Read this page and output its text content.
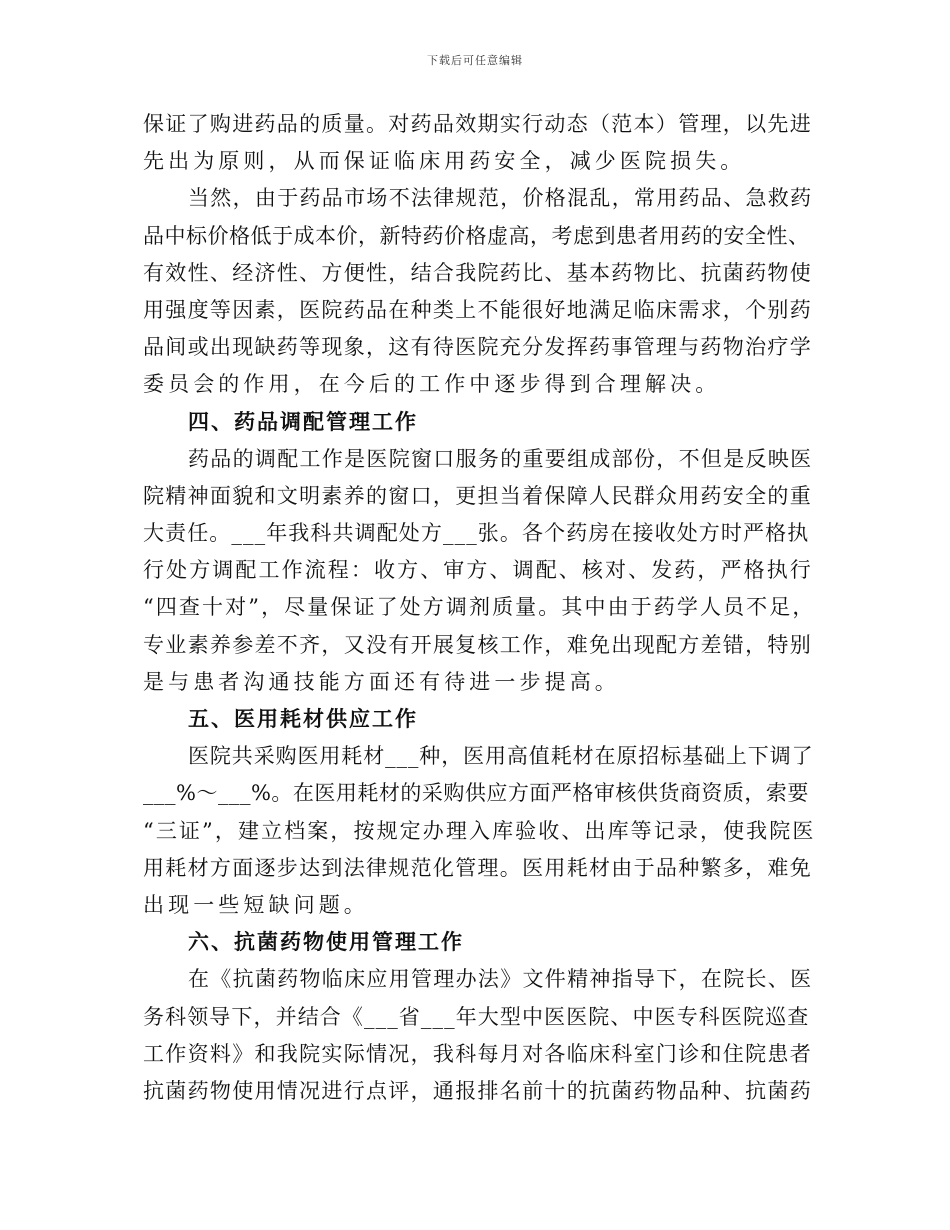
下载后可任意编辑
保证了购进药品的质量。对药品效期实行动态（范本）管理，以先进
先出为原则，从而保证临床用药安全，减少医院损失。
当然，由于药品市场不法律规范，价格混乱，常用药品、急救药
品中标价格低于成本价，新特药价格虚高，考虑到患者用药的安全性、
有效性、经济性、方便性，结合我院药比、基本药物比、抗菌药物使
用强度等因素，医院药品在种类上不能很好地满足临床需求，个别药
品间或出现缺药等现象，这有待医院充分发挥药事管理与药物治疗学
委员会的作用，在今后的工作中逐步得到合理解决。
四、药品调配管理工作
药品的调配工作是医院窗口服务的重要组成部份，不但是反映医
院精神面貌和文明素养的窗口，更担当着保障人民群众用药安全的重
大责任。___年我科共调配处方___张。各个药房在接收处方时严格执
行处方调配工作流程：收方、审方、调配、核对、发药，严格执行
“四查十对”，尽量保证了处方调剂质量。其中由于药学人员不足，
专业素养参差不齐，又没有开展复核工作，难免出现配方差错，特别
是与患者沟通技能方面还有待进一步提高。
五、医用耗材供应工作
医院共采购医用耗材___种，医用高值耗材在原招标基础上下调了
___%～___%。在医用耗材的采购供应方面严格审核供货商资质，索要
“三证”，建立档案，按规定办理入库验收、出库等记录，使我院医
用耗材方面逐步达到法律规范化管理。医用耗材由于品种繁多，难免
出现一些短缺问题。
六、抗菌药物使用管理工作
在《抗菌药物临床应用管理办法》文件精神指导下，在院长、医
务科领导下，并结合《___省___年大型中医医院、中医专科医院巡查
工作资料》和我院实际情况，我科每月对各临床科室门诊和住院患者
抗菌药物使用情况进行点评，通报排名前十的抗菌药物品种、抗菌药
